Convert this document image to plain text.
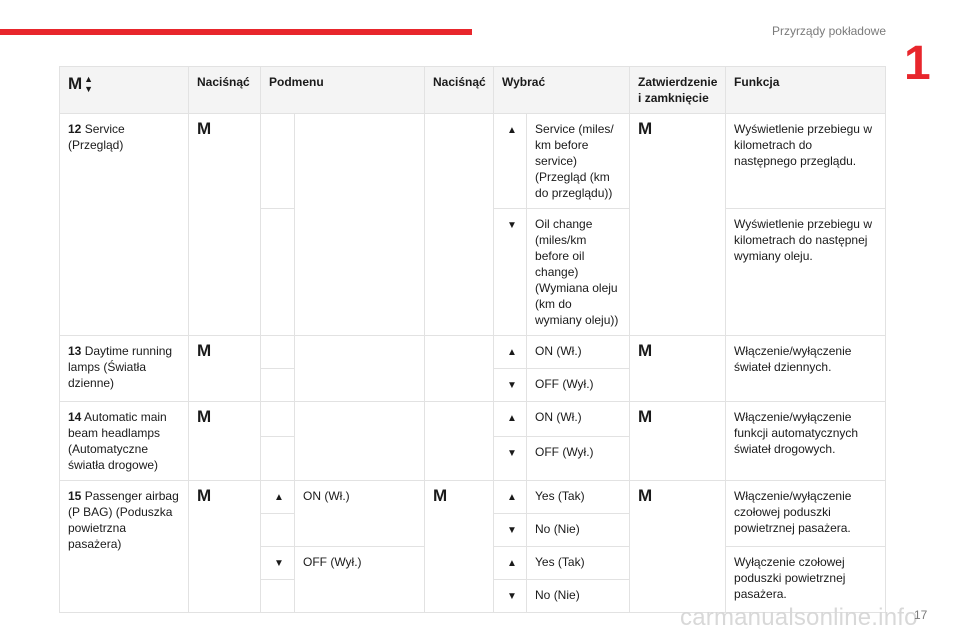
Przyrządy pokładowe
1
M ▲
▼	Naciśnąć	Podmenu		Naciśnąć	Wybrać		Zatwierdzenie i zamknięcie	Funkcja
12 Service (Przegląd)	M				▲	Service (miles/ km before service) (Przegląd (km do przeglądu))	M	Wyświetlenie przebiegu w kilometrach do następnego przeglądu.
					▼	Oil change (miles/km before oil change) (Wymiana oleju (km do wymiany oleju))		Wyświetlenie przebiegu w kilometrach do następnej wymiany oleju.
13 Daytime running lamps (Światła dzienne)	M				▲	ON (Wł.)	M	Włączenie/wyłączenie świateł dziennych.
					▼	OFF (Wył.)		
14 Automatic main beam headlamps (Automatyczne światła drogowe)	M				▲	ON (Wł.)	M	Włączenie/wyłączenie funkcji automatycznych świateł drogowych.
					▼	OFF (Wył.)		
15 Passenger airbag (P BAG) (Poduszka powietrzna pasażera)	M	▲	ON (Wł.)	M	▲	Yes (Tak)	M	Włączenie/wyłączenie czołowej poduszki powietrznej pasażera.
					▼	No (Nie)		
		▼	OFF (Wył.)		▲	Yes (Tak)		Wyłączenie czołowej poduszki powietrznej pasażera.
					▼	No (Nie)		
carmanualsonline.info
17
